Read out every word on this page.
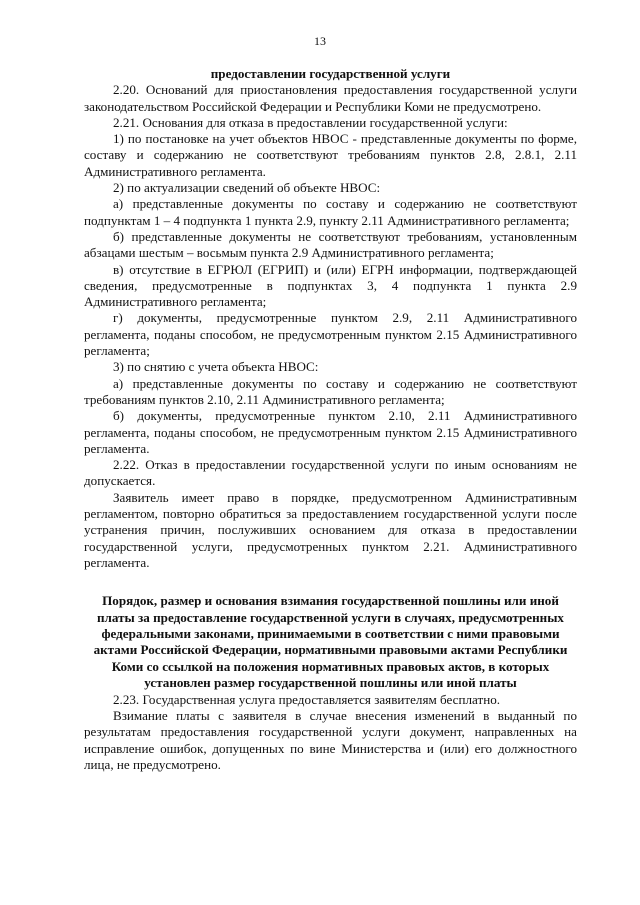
13

предоставлении государственной услуги

2.20. Оснований для приостановления предоставления государственной услуги законодательством Российской Федерации и Республики Коми не предусмотрено.

2.21. Основания для отказа в предоставлении государственной услуги:

1) по постановке на учет объектов НВОС - представленные документы по форме, составу и содержанию не соответствуют требованиям пунктов 2.8, 2.8.1, 2.11 Административного регламента.

2) по актуализации сведений об объекте НВОС:

а) представленные документы по составу и содержанию не соответствуют подпунктам 1 – 4 подпункта 1 пункта 2.9, пункту 2.11 Административного регламента;

б) представленные документы не соответствуют требованиям, установленным абзацами шестым – восьмым пункта 2.9 Административного регламента;

в) отсутствие в ЕГРЮЛ (ЕГРИП) и (или) ЕГРН информации, подтверждающей сведения, предусмотренные в подпунктах 3, 4 подпункта 1 пункта 2.9 Административного регламента;

г) документы, предусмотренные пунктом 2.9, 2.11 Административного регламента, поданы способом, не предусмотренным пунктом 2.15 Административного регламента;

3) по снятию с учета объекта НВОС:

а) представленные документы по составу и содержанию не соответствуют требованиям пунктов 2.10, 2.11 Административного регламента;

б) документы, предусмотренные пунктом 2.10, 2.11 Административного регламента, поданы способом, не предусмотренным пунктом 2.15 Административного регламента.

2.22. Отказ в предоставлении государственной услуги по иным основаниям не допускается.

Заявитель имеет право в порядке, предусмотренном Административным регламентом, повторно обратиться за предоставлением государственной услуги после устранения причин, послуживших основанием для отказа в предоставлении государственной услуги, предусмотренных пунктом 2.21. Административного регламента.

Порядок, размер и основания взимания государственной пошлины или иной платы за предоставление государственной услуги в случаях, предусмотренных федеральными законами, принимаемыми в соответствии с ними правовыми актами Российской Федерации, нормативными правовыми актами Республики Коми со ссылкой на положения нормативных правовых актов, в которых установлен размер государственной пошлины или иной платы

2.23. Государственная услуга предоставляется заявителям бесплатно.

Взимание платы с заявителя в случае внесения изменений в выданный по результатам предоставления государственной услуги документ, направленных на исправление ошибок, допущенных по вине Министерства и (или) его должностного лица, не предусмотрено.
